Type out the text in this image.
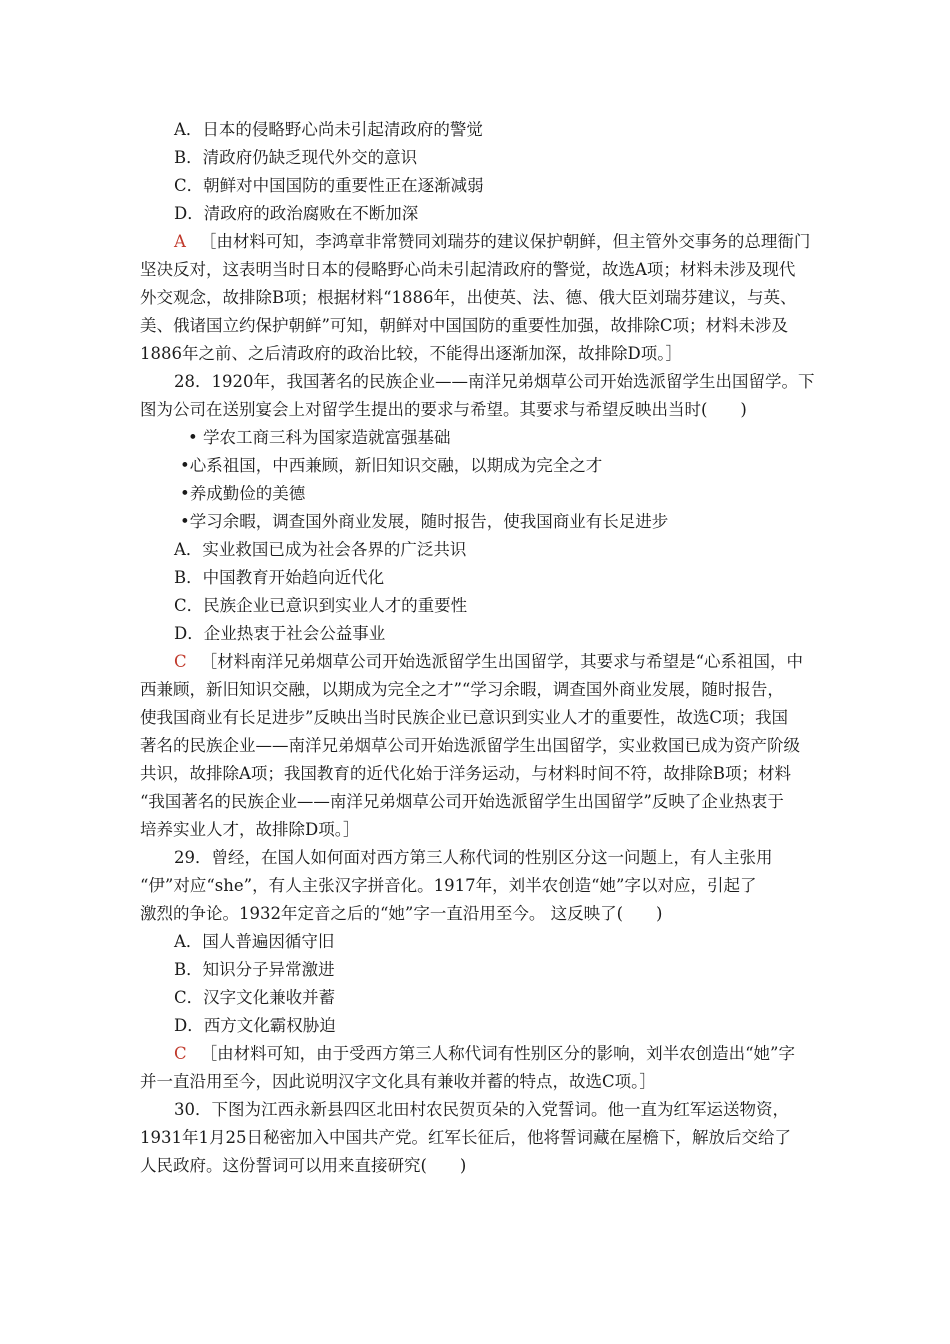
A．日本的侵略野心尚未引起清政府的警觉
B．清政府仍缺乏现代外交的意识
C．朝鲜对中国国防的重要性正在逐渐减弱
D．清政府的政治腐败在不断加深
A ［由材料可知，李鸿章非常赞同刘瑞芬的建议保护朝鲜，但主管外交事务的总理衙门
坚决反对，这表明当时日本的侵略野心尚未引起清政府的警觉，故选A项；材料未涉及现代
外交观念，故排除B项；根据材料“1886年，出使英、法、德、俄大臣刘瑞芬建议，与英、
美、俄诸国立约保护朝鲜”可知，朝鲜对中国国防的重要性加强，故排除C项；材料未涉及
1886年之前、之后清政府的政治比较，不能得出逐渐加深，故排除D项。］
28．1920年，我国著名的民族企业——南洋兄弟烟草公司开始选派留学生出国留学。下
图为公司在送别宴会上对留学生提出的要求与希望。其要求与希望反映出当时(　　)
• 学农工商三科为国家造就富强基础
•心系祖国，中西兼顾，新旧知识交融，以期成为完全之才
•养成勤俭的美德
•学习余暇，调查国外商业发展，随时报告，使我国商业有长足进步
A．实业救国已成为社会各界的广泛共识
B．中国教育开始趋向近代化
C．民族企业已意识到实业人才的重要性
D．企业热衷于社会公益事业
C ［材料南洋兄弟烟草公司开始选派留学生出国留学，其要求与希望是“心系祖国，中
西兼顾，新旧知识交融，以期成为完全之才”“学习余暇，调查国外商业发展，随时报告，
使我国商业有长足进步”反映出当时民族企业已意识到实业人才的重要性，故选C项；我国
著名的民族企业——南洋兄弟烟草公司开始选派留学生出国留学，实业救国已成为资产阶级
共识，故排除A项；我国教育的近代化始于洋务运动，与材料时间不符，故排除B项；材料
“我国著名的民族企业——南洋兄弟烟草公司开始选派留学生出国留学”反映了企业热衷于
培养实业人才，故排除D项。］
29．曾经，在国人如何面对西方第三人称代词的性别区分这一问题上，有人主张用
“伊”对应“she”，有人主张汉字拼音化。1917年，刘半农创造“她”字以对应，引起了
激烈的争论。1932年定音之后的“她”字一直沿用至今。 这反映了(　　)
A．国人普遍因循守旧
B．知识分子异常激进
C．汉字文化兼收并蓄
D．西方文化霸权胁迫
C ［由材料可知，由于受西方第三人称代词有性别区分的影响，刘半农创造出“她”字
并一直沿用至今，因此说明汉字文化具有兼收并蓄的特点，故选C项。］
30．下图为江西永新县四区北田村农民贺页朵的入党誓词。他一直为红军运送物资，
1931年1月25日秘密加入中国共产党。红军长征后，他将誓词藏在屋檐下，解放后交给了
人民政府。这份誓词可以用来直接研究(　　)
